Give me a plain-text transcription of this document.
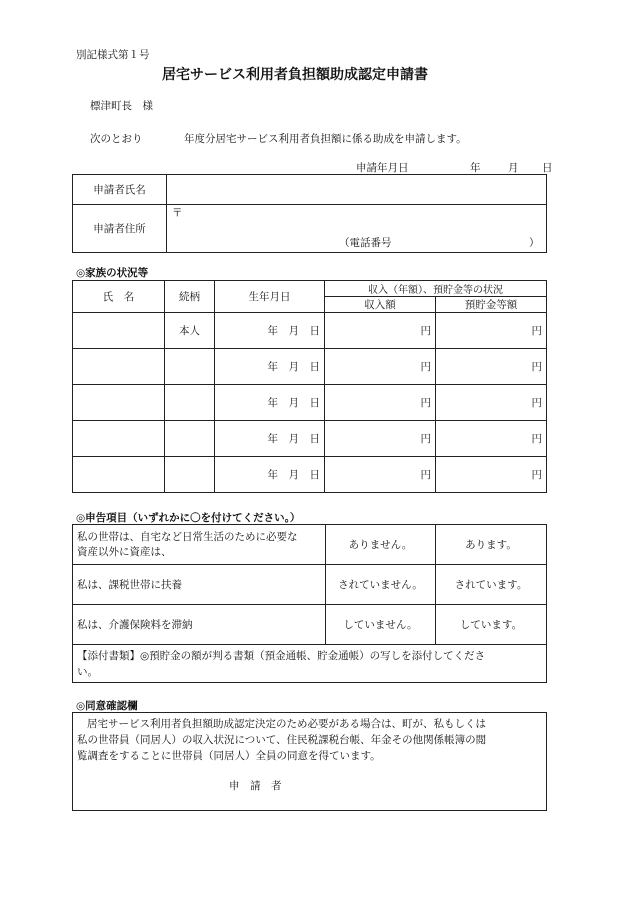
別記様式第１号
居宅サービス利用者負担額助成認定申請書
標津町長　様
次のとおり	年度分居宅サービス利用者負担額に係る助成を申請します。
申請年月日	年	月 日
申請者氏名	
申請者住所	〒
（電話番号 ）
◎家族の状況等
氏　名	続柄	生年月日	収入（年額）、預貯金等の状況	
			収入額	預貯金等額
	本人	年　月　日	円	円
		年　月　日	円	円
		年　月　日	円	円
		年　月　日	円	円
		年　月　日	円	円
◎申告項目（いずれかに〇を付けてください。）
私の世帯は、自宅など日常生活のために必要な
資産以外に資産は、	ありません。	あります。
私は、課税世帯に扶養	されていません。	されています。
私は、介護保険料を滞納	していません。	しています。

【添付書類】◎預貯金の額が判る書類（預金通帳、貯金通帳）の写しを添付してくださ
い。		
◎同意確認欄
居宅サービス利用者負担額助成認定決定のため必要がある場合は、町が、私もしくは
私の世帯員（同居人）の収入状況について、住民税課税台帳、年金その他関係帳簿の閲
覧調査をすることに世帯員（同居人）全員の同意を得ています。
申　請　者
